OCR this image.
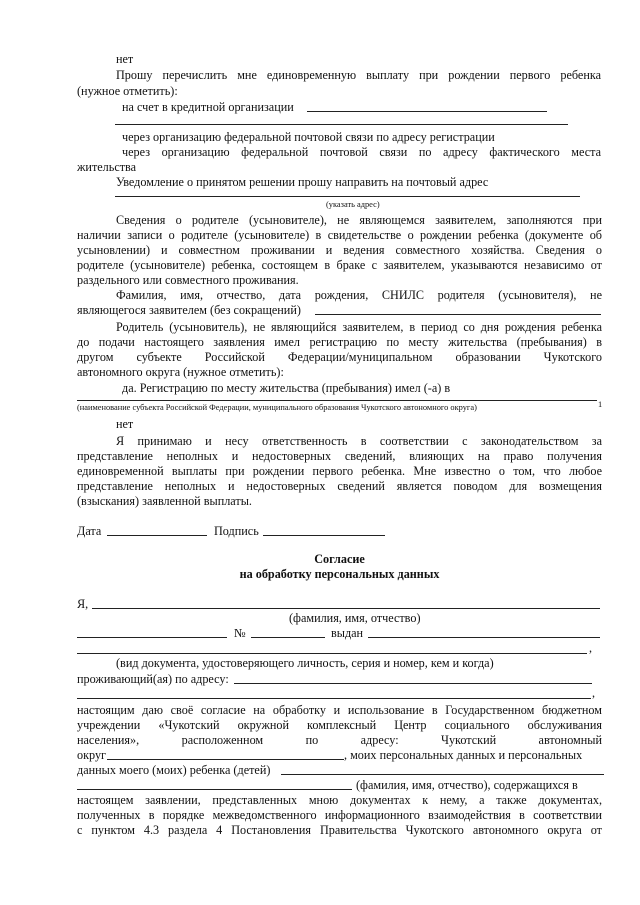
нет
Прошу перечислить мне единовременную выплату при рождении первого ребенка
(нужное отметить):
на счет в кредитной организации
через организацию федеральной почтовой связи по адресу регистрации
через организацию федеральной почтовой связи по адресу фактического места
жительства
Уведомление о принятом решении прошу направить на почтовый адрес
(указать адрес)
Сведения о родителе (усыновителе), не являющемся заявителем, заполняются при
наличии записи о родителе (усыновителе) в свидетельстве о рождении ребенка (документе об
усыновлении) и совместном проживании и ведения совместного хозяйства. Сведения о
родителе (усыновителе) ребенка, состоящем в браке с заявителем, указываются независимо от
раздельного или совместного проживания.
Фамилия, имя, отчество, дата рождения, СНИЛС родителя (усыновителя), не
являющегося заявителем (без сокращений)
Родитель (усыновитель), не являющийся заявителем, в период со дня рождения ребенка
до подачи настоящего заявления имел регистрацию по месту жительства (пребывания) в
другом субъекте Российской Федерации/муниципальном образовании Чукотского
автономного округа (нужное отметить):
да. Регистрацию по месту жительства (пребывания) имел (-а) в
(наименование субъекта Российской Федерации, муниципального образования Чукотского автономного округа)	1
нет
Я принимаю и несу ответственность в соответствии с законодательством за
представление неполных и недостоверных сведений, влияющих на право получения
единовременной выплаты при рождении первого ребенка. Мне известно о том, что любое
представление неполных и недостоверных сведений является поводом для возмещения
(взыскания) заявленной выплаты.
Дата	Подпись
Согласие
на обработку персональных данных
Я,
(фамилия, имя, отчество)
№	выдан
,
(вид документа, удостоверяющего личность, серия и номер, кем и когда)
проживающий(ая) по адресу:
,
настоящим даю своё согласие на обработку и использование в Государственном бюджетном
учреждении «Чукотский окружной комплексный Центр социального обслуживания
населения», расположенном по адресу: Чукотский автономный
округ	, моих персональных данных и персональных
данных моего (моих) ребенка (детей)
(фамилия, имя, отчество), содержащихся в
настоящем заявлении, представленных мною документах к нему, а также документах,
полученных в порядке межведомственного информационного взаимодействия в соответствии
с пунктом 4.3 раздела 4 Постановления Правительства Чукотского автономного округа от
